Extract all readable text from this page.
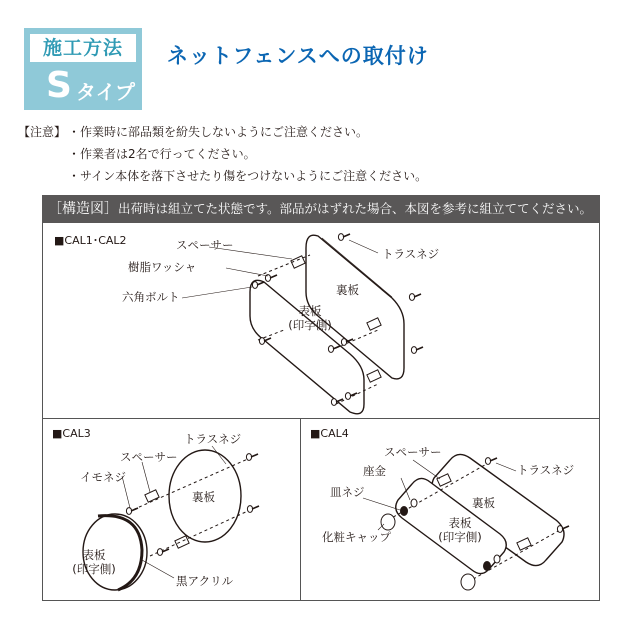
施工方法
S タイプ
ネットフェンスへの取付け
【注意】 ・作業時に部品類を紛失しないようにご注意ください。
・作業者は2名で行ってください。
・サイン本体を落下させたり傷をつけないようにご注意ください。
［構造図］出荷時は組立てた状態です。部品がはずれた場合、本図を参考に組立ててください。
■CAL1･CAL2	スペーサー
樹脂ワッシャ
六角ボルト
トラスネジ
裏板
表板
(印字側)
■CAL3	トラスネジ
スペーサー
イモネジ
裏板
表板
(印字側)
黒アクリル
■CAL4
スペーサー
トラスネジ
座金
皿ネジ
化粧キャップ
裏板
表板
(印字側)
